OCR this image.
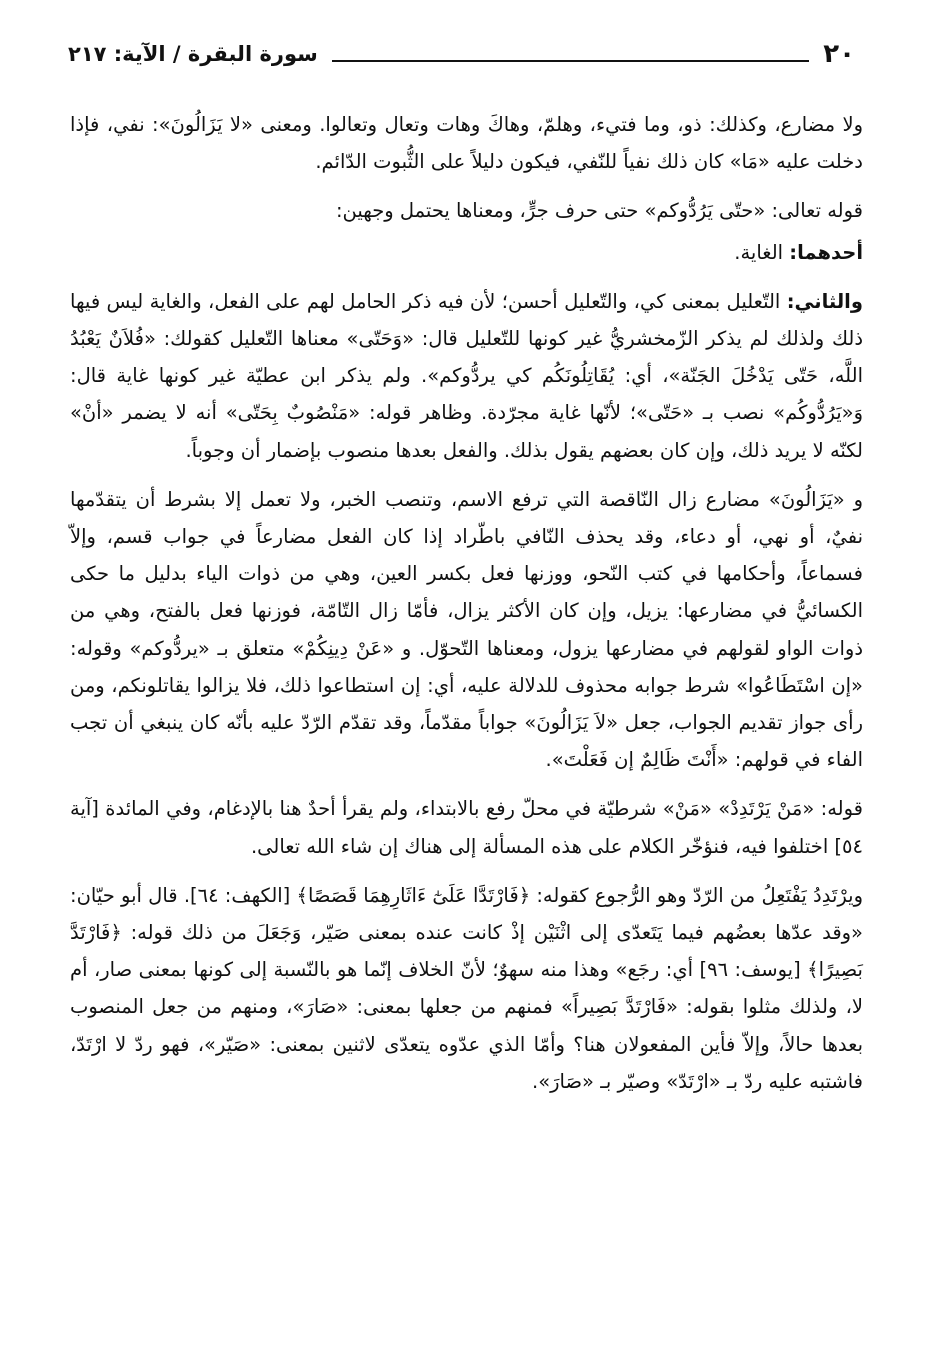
٢٠
سورة البقرة / الآية: ٢١٧

ولا مضارع، وكذلك: ذو، وما فتيء، وهلمّ، وهاكَ وهات وتعال وتعالوا. ومعنى «لا يَزَالُونَ»: نفي، فإذا دخلت عليه «مَا» كان ذلك نفياً للنّفي، فيكون دليلاً على الثُّبوت الدّائم.

قوله تعالى: «حتّى يَرُدُّوكم» حتى حرف جرٍّ، ومعناها يحتمل وجهين:

أحدهما: الغاية.

والثاني: التّعليل بمعنى كي، والتّعليل أحسن؛ لأن فيه ذكر الحامل لهم على الفعل، والغاية ليس فيها ذلك ولذلك لم يذكر الزّمخشريُّ غير كونها للتّعليل قال: «وَحَتّى» معناها التّعليل كقولك: «فُلاَنٌ يَعْبُدُ اللَّه، حَتّى يَدْخُلَ الجَنّة»، أي: يُقَاتِلُونَكُم كي يردُّوكم». ولم يذكر ابن عطيّة غير كونها غاية قال: وَ«يَرُدُّوكُم» نصب بـ «حَتّى»؛ لأنّها غاية مجرّدة. وظاهر قوله: «مَنْصُوبٌ بِحَتّى» أنه لا يضمر «أنْ» لكنّه لا يريد ذلك، وإن كان بعضهم يقول بذلك. والفعل بعدها منصوب بإضمار أن وجوباً.

و «يَزَالُونَ» مضارع زال النّاقصة التي ترفع الاسم، وتنصب الخبر، ولا تعمل إلا بشرط أن يتقدّمها نفيٌ، أو نهي، أو دعاء، وقد يحذف النّافي باطّراد إذا كان الفعل مضارعاً في جواب قسم، وإلاّ فسماعاً، وأحكامها في كتب النّحو، ووزنها فعل بكسر العين، وهي من ذوات الياء بدليل ما حكى الكسائيُّ في مضارعها: يزيل، وإن كان الأكثر يزال، فأمّا زال التّامّة، فوزنها فعل بالفتح، وهي من ذوات الواو لقولهم في مضارعها يزول، ومعناها التّحوّل. و «عَنْ دِينِكُمْ» متعلق بـ «يردُّوكم» وقوله: «إن اسْتَطَاعُوا» شرط جوابه محذوف للدلالة عليه، أي: إن استطاعوا ذلك، فلا يزالوا يقاتلونكم، ومن رأى جواز تقديم الجواب، جعل «لاَ يَزَالُونَ» جواباً مقدّماً، وقد تقدّم الرّدّ عليه بأنّه كان ينبغي أن تجب الفاء في قولهم: «أَنْتَ ظَالِمٌ إن فَعَلْتَ».

قوله: «مَنْ يَرْتَدِدْ» «مَنْ» شرطيّة في محلّ رفع بالابتداء، ولم يقرأ أحدٌ هنا بالإدغام، وفي المائدة [آية ٥٤] اختلفوا فيه، فنؤخّر الكلام على هذه المسألة إلى هناك إن شاء الله تعالى.

ويرْتَدِدُ يَفْتَعِلُ من الرّدّ وهو الرُّجوع كقوله: ﴿فَارْتَدَّا عَلَىٰٓ ءَاثَارِهِمَا قَصَصًا﴾ [الكهف: ٦٤]. قال أبو حيّان: «وقد عدّها بعضُهم فيما يَتَعدّى إلى اثْنَيْن إذْ كانت عنده بمعنى صَيّر، وَجَعَلَ من ذلك قوله: ﴿فَارْتَدَّ بَصِيرًا﴾ [يوسف: ٩٦] أي: رجَع» وهذا منه سهوٌ؛ لأنّ الخلاف إنّما هو بالنّسبة إلى كونها بمعنى صار، أم لا، ولذلك مثلوا بقوله: «فَارْتَدَّ بَصِيراً» فمنهم من جعلها بمعنى: «صَارَ»، ومنهم من جعل المنصوب بعدها حالاً، وإلاّ فأين المفعولان هنا؟ وأمّا الذي عدّوه يتعدّى لاثنين بمعنى: «صَيّر»، فهو ردّ لا ارْتَدّ، فاشتبه عليه ردّ بـ «ارْتَدّ» وصيّر بـ «صَارَ».
